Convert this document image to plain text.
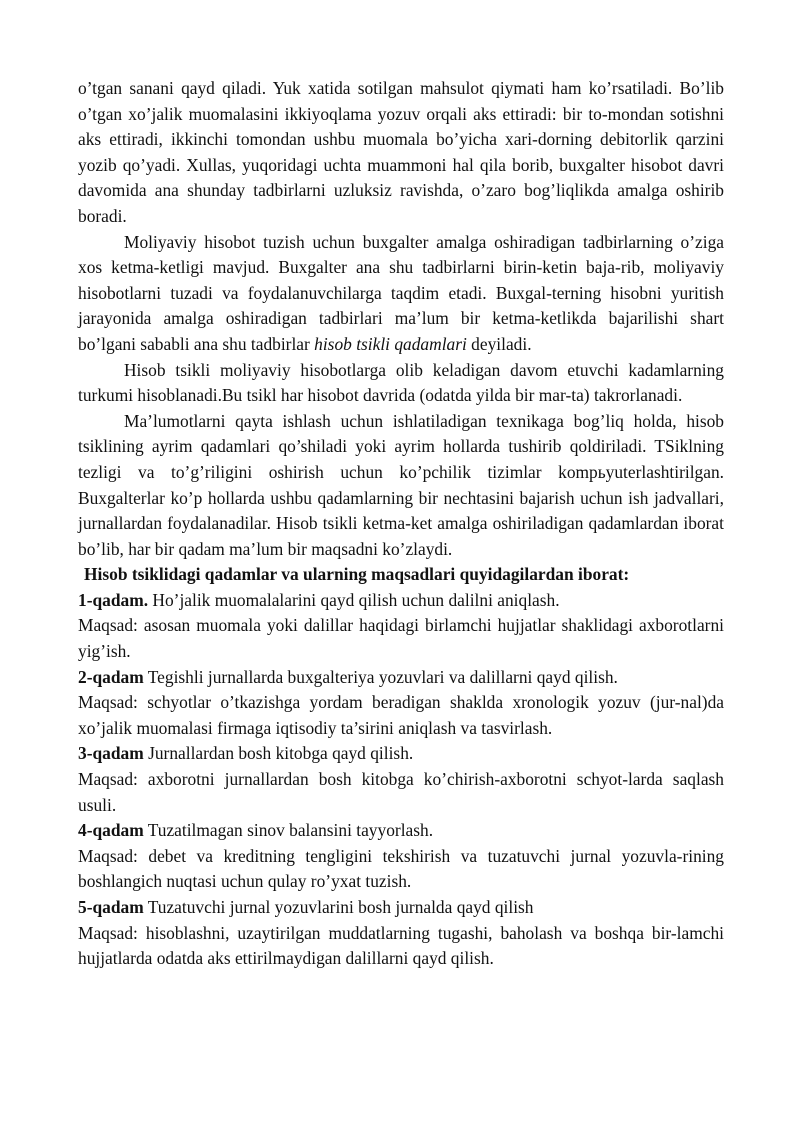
o’tgan sanani qayd qiladi. Yuk xatida sotilgan mahsulot qiymati ham ko’rsatiladi. Bo’lib o’tgan xo’jalik muomalasini ikkiyoqlama yozuv orqali aks ettiradi: bir to-mondan sotishni aks ettiradi, ikkinchi tomondan ushbu muomala bo’yicha xari-dorning debitorlik qarzini yozib qo’yadi. Xullas, yuqoridagi uchta muammoni hal qila borib, buxgalter hisobot davri davomida ana shunday tadbirlarni uzluksiz ravishda, o’zaro bog’liqlikda amalga oshirib boradi.

Moliyaviy hisobot tuzish uchun buxgalter amalga oshiradigan tadbirlarning o’ziga xos ketma-ketligi mavjud. Buxgalter ana shu tadbirlarni birin-ketin baja-rib, moliyaviy hisobotlarni tuzadi va foydalanuvchilarga taqdim etadi. Buxgal-terning hisobni yuritish jarayonida amalga oshiradigan tadbirlari ma’lum bir ketma-ketlikda bajarilishi shart bo’lgani sababli ana shu tadbirlar hisob tsikli qadamlari deyiladi.

Hisob tsikli moliyaviy hisobotlarga olib keladigan davom etuvchi kadamlarning turkumi hisoblanadi.Bu tsikl har hisobot davrida (odatda yilda bir mar-ta) takrorlanadi.

Ma’lumotlarni qayta ishlash uchun ishlatiladigan texnikaga bog’liq holda, hisob tsiklining ayrim qadamlari qo’shiladi yoki ayrim hollarda tushirib qoldiriladi. TSiklning tezligi va to’g’riligini oshirish uchun ko’pchilik tizimlar kompьyuterlashtirilgan. Buxgalterlar ko’p hollarda ushbu qadamlarning bir nechtasini bajarish uchun ish jadvallari, jurnallardan foydalanadilar. Hisob tsikli ketma-ket amalga oshiriladigan qadamlardan iborat bo’lib, har bir qadam ma’lum bir maqsadni ko’zlaydi.

Hisob tsiklidagi qadamlar va ularning maqsadlari quyidagilardan iborat:

1-qadam. Ho’jalik muomalalarini qayd qilish uchun dalilni aniqlash.

Maqsad: asosan muomala yoki dalillar haqidagi birlamchi hujjatlar shaklidagi axborotlarni yig’ish.

2-qadam Tegishli jurnallarda buxgalteriya yozuvlari va dalillarni qayd qilish.

Maqsad: schyotlar o’tkazishga yordam beradigan shaklda xronologik yozuv (jur-nal)da xo’jalik muomalasi firmaga iqtisodiy ta’sirini aniqlash va tasvirlash.

3-qadam Jurnallardan bosh kitobga qayd qilish.

Maqsad: axborotni jurnallardan bosh kitobga ko’chirish-axborotni schyot-larda saqlash usuli.

4-qadam Tuzatilmagan sinov balansini tayyorlash.

Maqsad: debet va kreditning tengligini tekshirish va tuzatuvchi jurnal yozuvla-rining boshlangich nuqtasi uchun qulay ro’yxat tuzish.

5-qadam Tuzatuvchi jurnal yozuvlarini bosh jurnalda qayd qilish

Maqsad: hisoblashni, uzaytirilgan muddatlarning tugashi, baholash va boshqa bir-lamchi hujjatlarda odatda aks ettirilmaydigan dalillarni qayd qilish.
